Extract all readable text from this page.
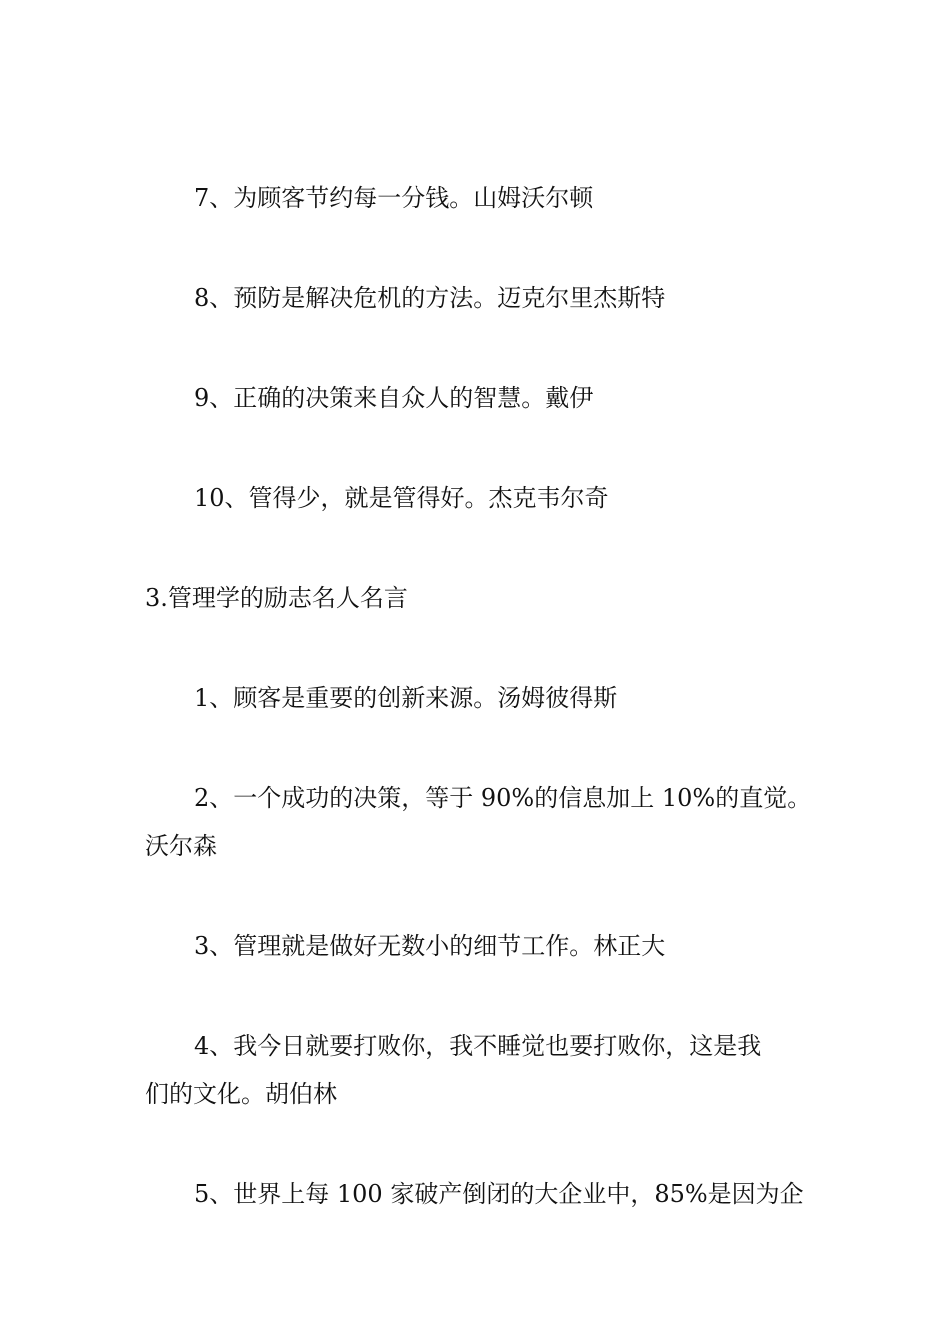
7、为顾客节约每一分钱。山姆沃尔顿
8、预防是解决危机的方法。迈克尔里杰斯特
9、正确的决策来自众人的智慧。戴伊
10、管得少，就是管得好。杰克韦尔奇
3.管理学的励志名人名言
1、顾客是重要的创新来源。汤姆彼得斯
2、一个成功的决策，等于 90%的信息加上 10%的直觉。
沃尔森
3、管理就是做好无数小的细节工作。林正大
4、我今日就要打败你，我不睡觉也要打败你，这是我
们的文化。胡伯林
5、世界上每 100 家破产倒闭的大企业中，85%是因为企
